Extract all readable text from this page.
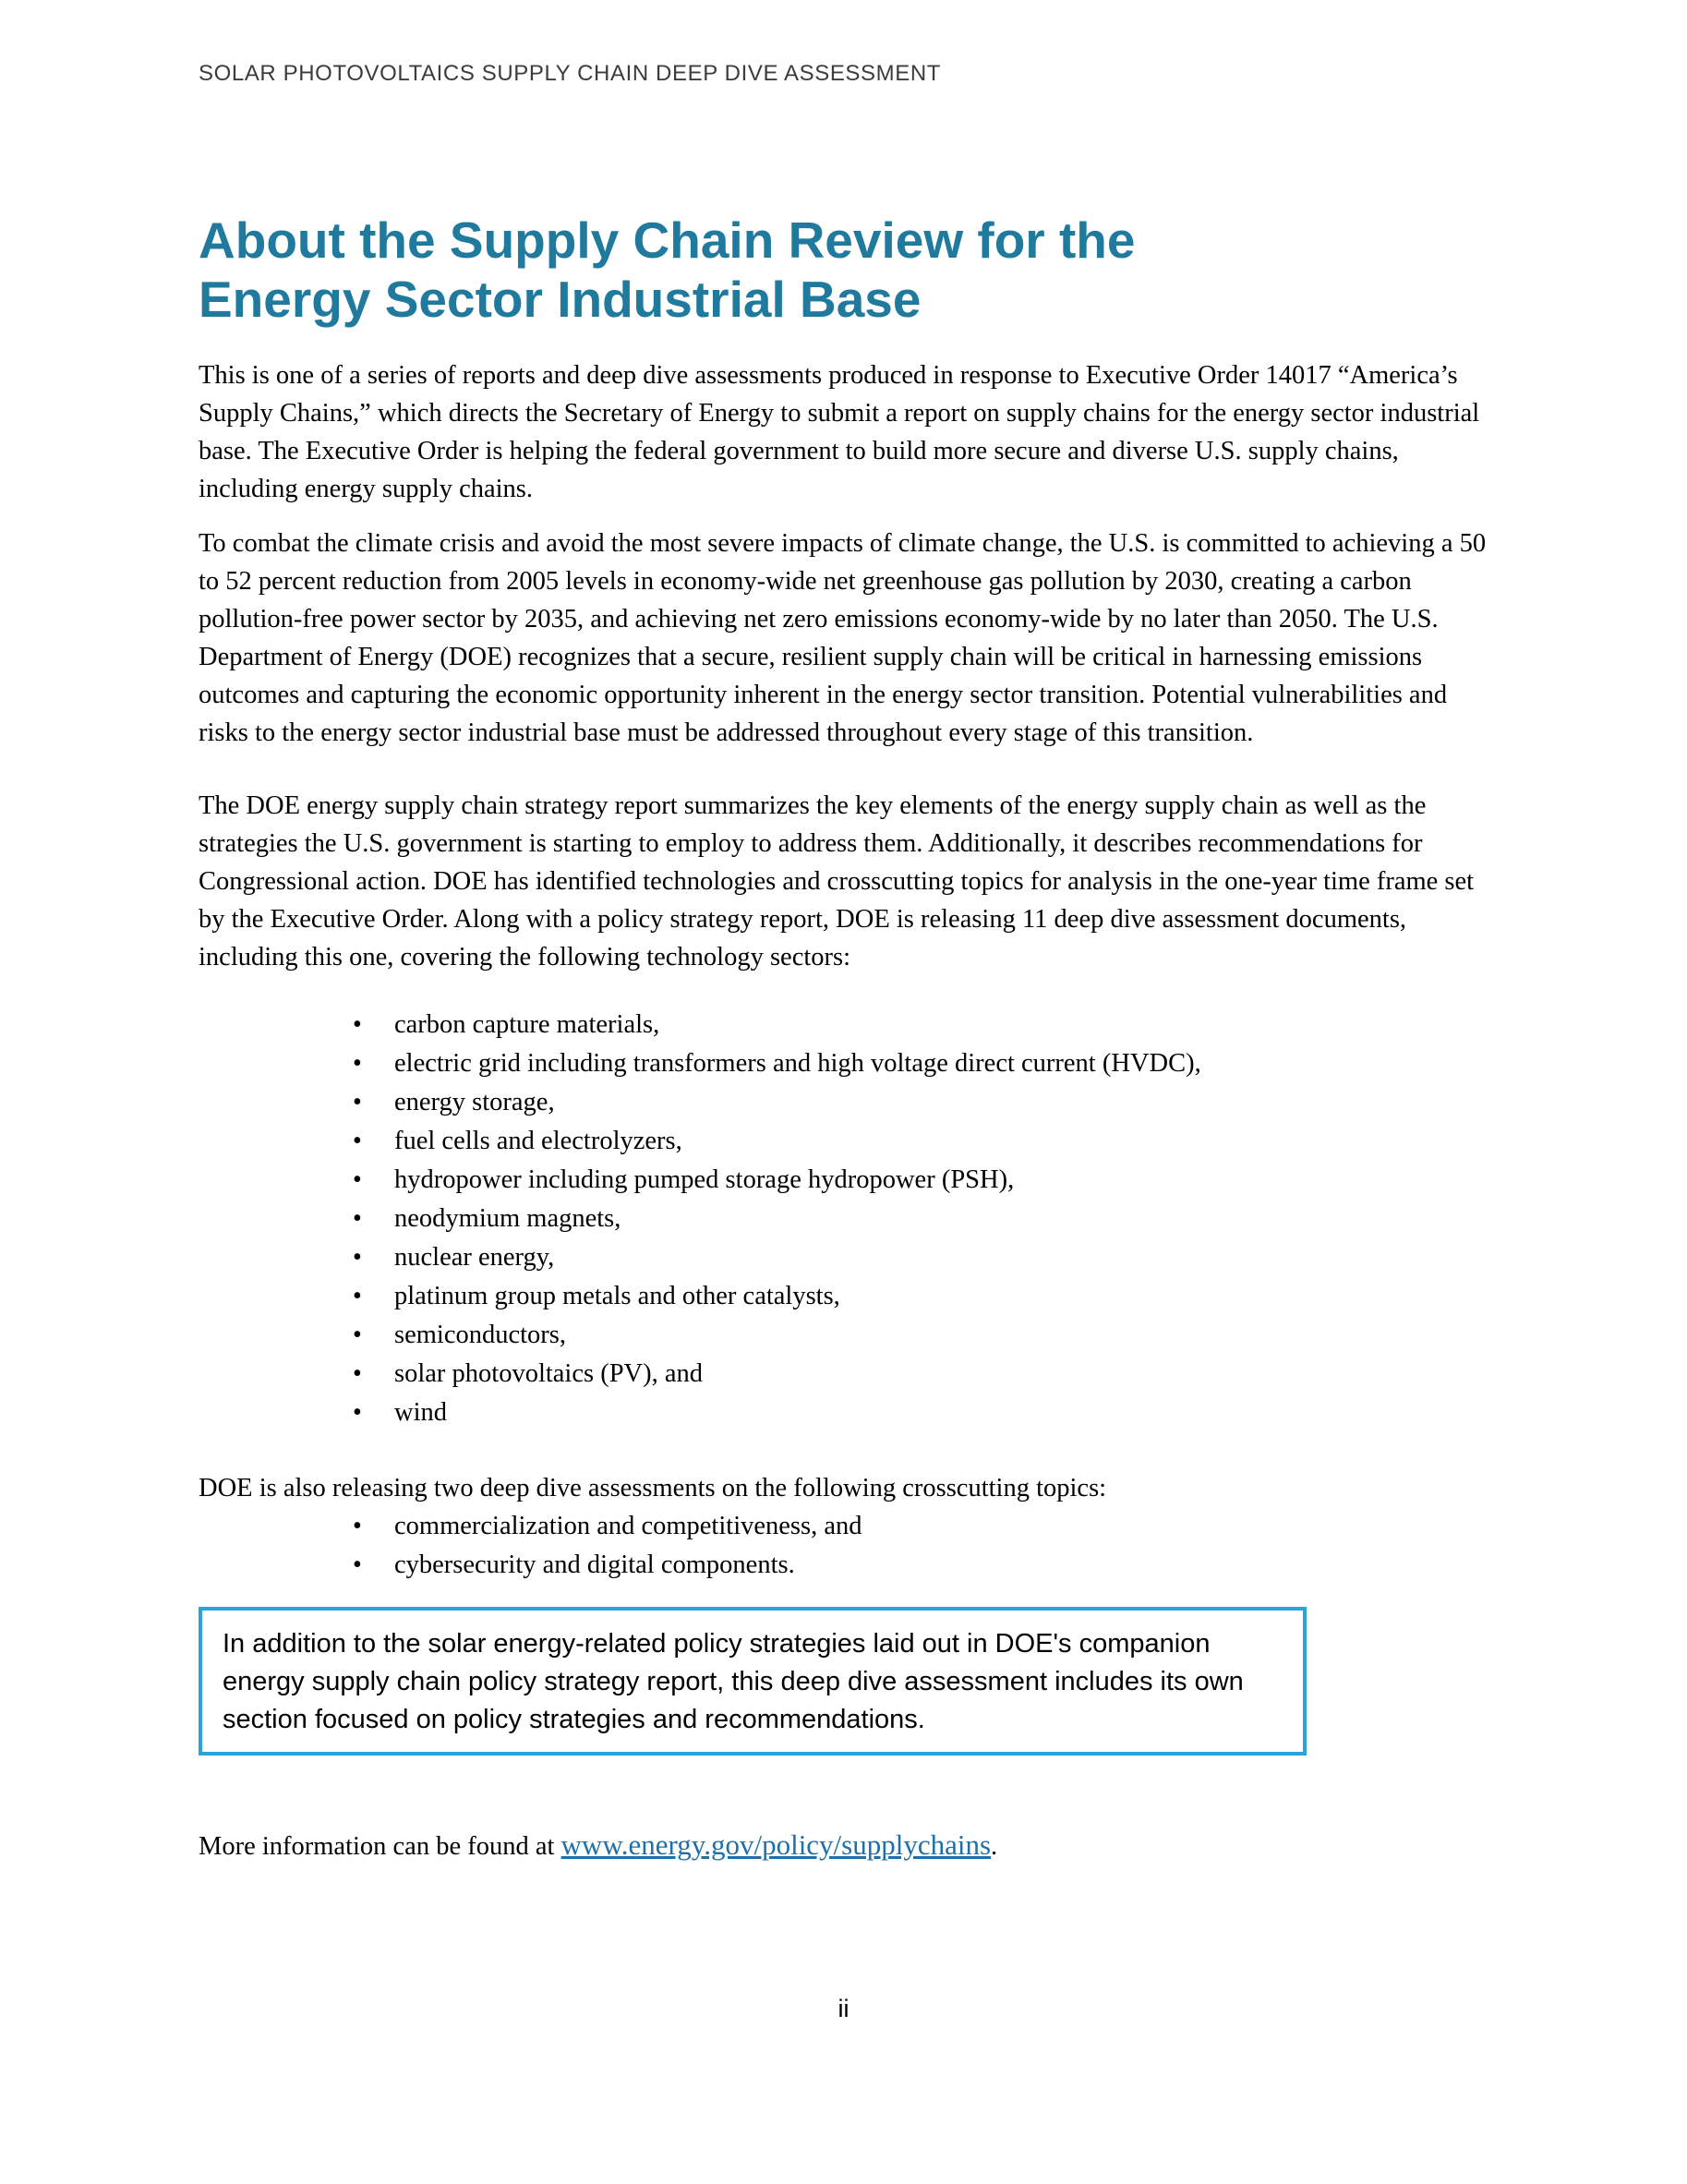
SOLAR PHOTOVOLTAICS SUPPLY CHAIN DEEP DIVE ASSESSMENT
About the Supply Chain Review for the
Energy Sector Industrial Base

This is one of a series of reports and deep dive assessments produced in response to Executive Order 14017 “America’s Supply Chains,” which directs the Secretary of Energy to submit a report on supply chains for the energy sector industrial base. The Executive Order is helping the federal government to build more secure and diverse U.S. supply chains, including energy supply chains.

To combat the climate crisis and avoid the most severe impacts of climate change, the U.S. is committed to achieving a 50 to 52 percent reduction from 2005 levels in economy-wide net greenhouse gas pollution by 2030, creating a carbon pollution-free power sector by 2035, and achieving net zero emissions economy-wide by no later than 2050. The U.S. Department of Energy (DOE) recognizes that a secure, resilient supply chain will be critical in harnessing emissions outcomes and capturing the economic opportunity inherent in the energy sector transition. Potential vulnerabilities and risks to the energy sector industrial base must be addressed throughout every stage of this transition.

The DOE energy supply chain strategy report summarizes the key elements of the energy supply chain as well as the strategies the U.S. government is starting to employ to address them. Additionally, it describes recommendations for Congressional action. DOE has identified technologies and crosscutting topics for analysis in the one-year time frame set by the Executive Order. Along with a policy strategy report, DOE is releasing 11 deep dive assessment documents, including this one, covering the following technology sectors:

• carbon capture materials,
• electric grid including transformers and high voltage direct current (HVDC),
• energy storage,
• fuel cells and electrolyzers,
• hydropower including pumped storage hydropower (PSH),
• neodymium magnets,
• nuclear energy,
• platinum group metals and other catalysts,
• semiconductors,
• solar photovoltaics (PV), and
• wind

DOE is also releasing two deep dive assessments on the following crosscutting topics:

• commercialization and competitiveness, and
• cybersecurity and digital components.
In addition to the solar energy-related policy strategies laid out in DOE's companion energy supply chain policy strategy report, this deep dive assessment includes its own section focused on policy strategies and recommendations.

More information can be found at www.energy.gov/policy/supplychains.

ii
